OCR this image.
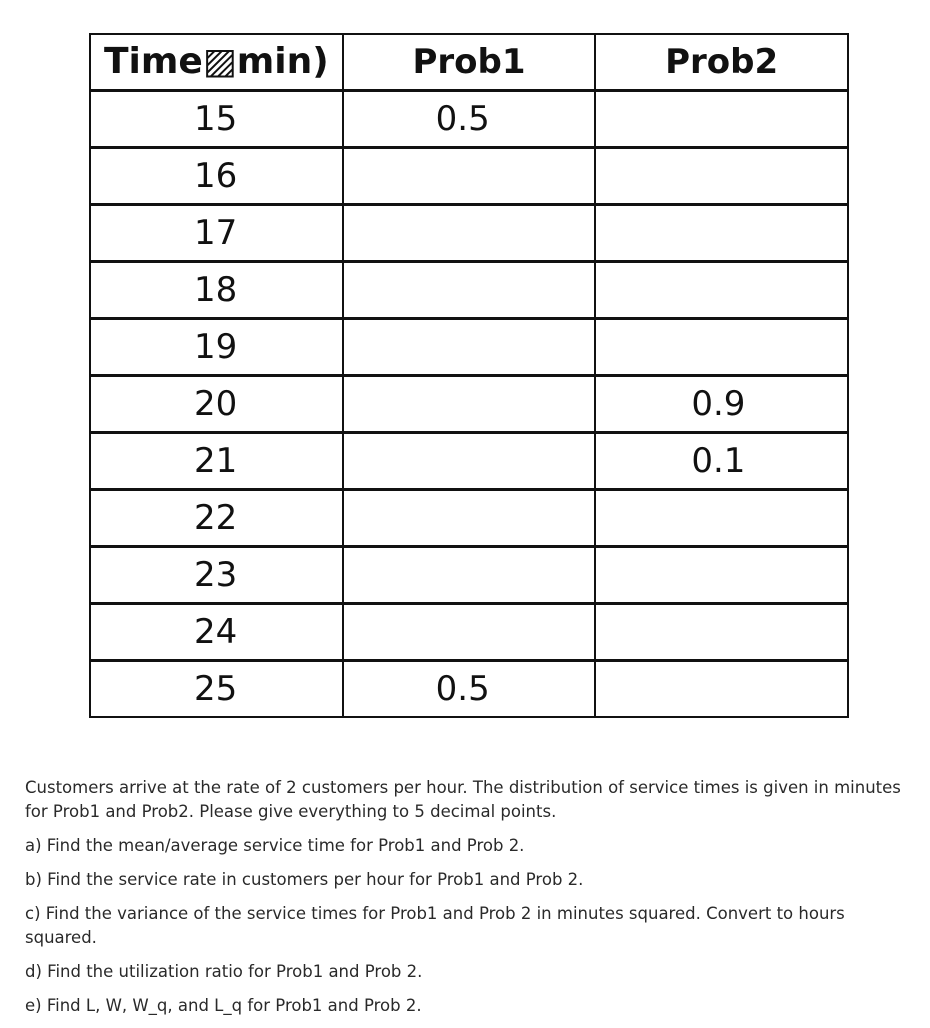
Time▨min)	Prob1	Prob2
15	0.5	
16		
17		
18		
19		
20		0.9
21		0.1
22		
23		
24		
25	0.5	

Customers arrive at the rate of 2 customers per hour. The distribution of service times is given in minutes for Prob1 and Prob2. Please give everything to 5 decimal points.

a) Find the mean/average service time for Prob1 and Prob 2.

b) Find the service rate in customers per hour for Prob1 and Prob 2.

c) Find the variance of the service times for Prob1 and Prob 2 in minutes squared. Convert to hours squared.

d) Find the utilization ratio for Prob1 and Prob 2.

e) Find L, W, W_q, and L_q for Prob1 and Prob 2.
